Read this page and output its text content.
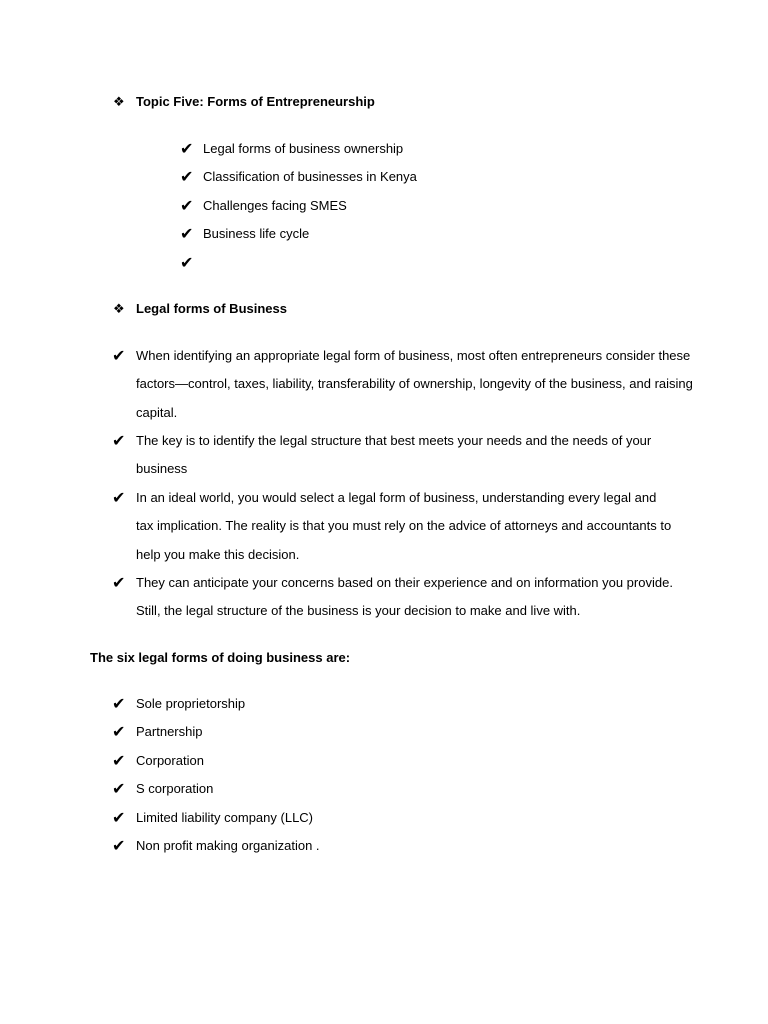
❖ Topic Five: Forms of Entrepreneurship
✔ Legal forms of business ownership
✔ Classification of businesses in Kenya
✔ Challenges facing SMES
✔ Business life cycle
✔
❖ Legal forms of Business
✔ When identifying an appropriate legal form of business, most often entrepreneurs consider these factors—control, taxes, liability, transferability of ownership, longevity of the business, and raising capital.
✔ The key is to identify the legal structure that best meets your needs and the needs of your business
✔ In an ideal world, you would select a legal form of business, understanding every legal and tax implication. The reality is that you must rely on the advice of attorneys and accountants to help you make this decision.
✔ They can anticipate your concerns based on their experience and on information you provide. Still, the legal structure of the business is your decision to make and live with.
The six legal forms of doing business are:
✔ Sole proprietorship
✔ Partnership
✔ Corporation
✔ S corporation
✔ Limited liability company (LLC)
✔ Non profit making organization .
